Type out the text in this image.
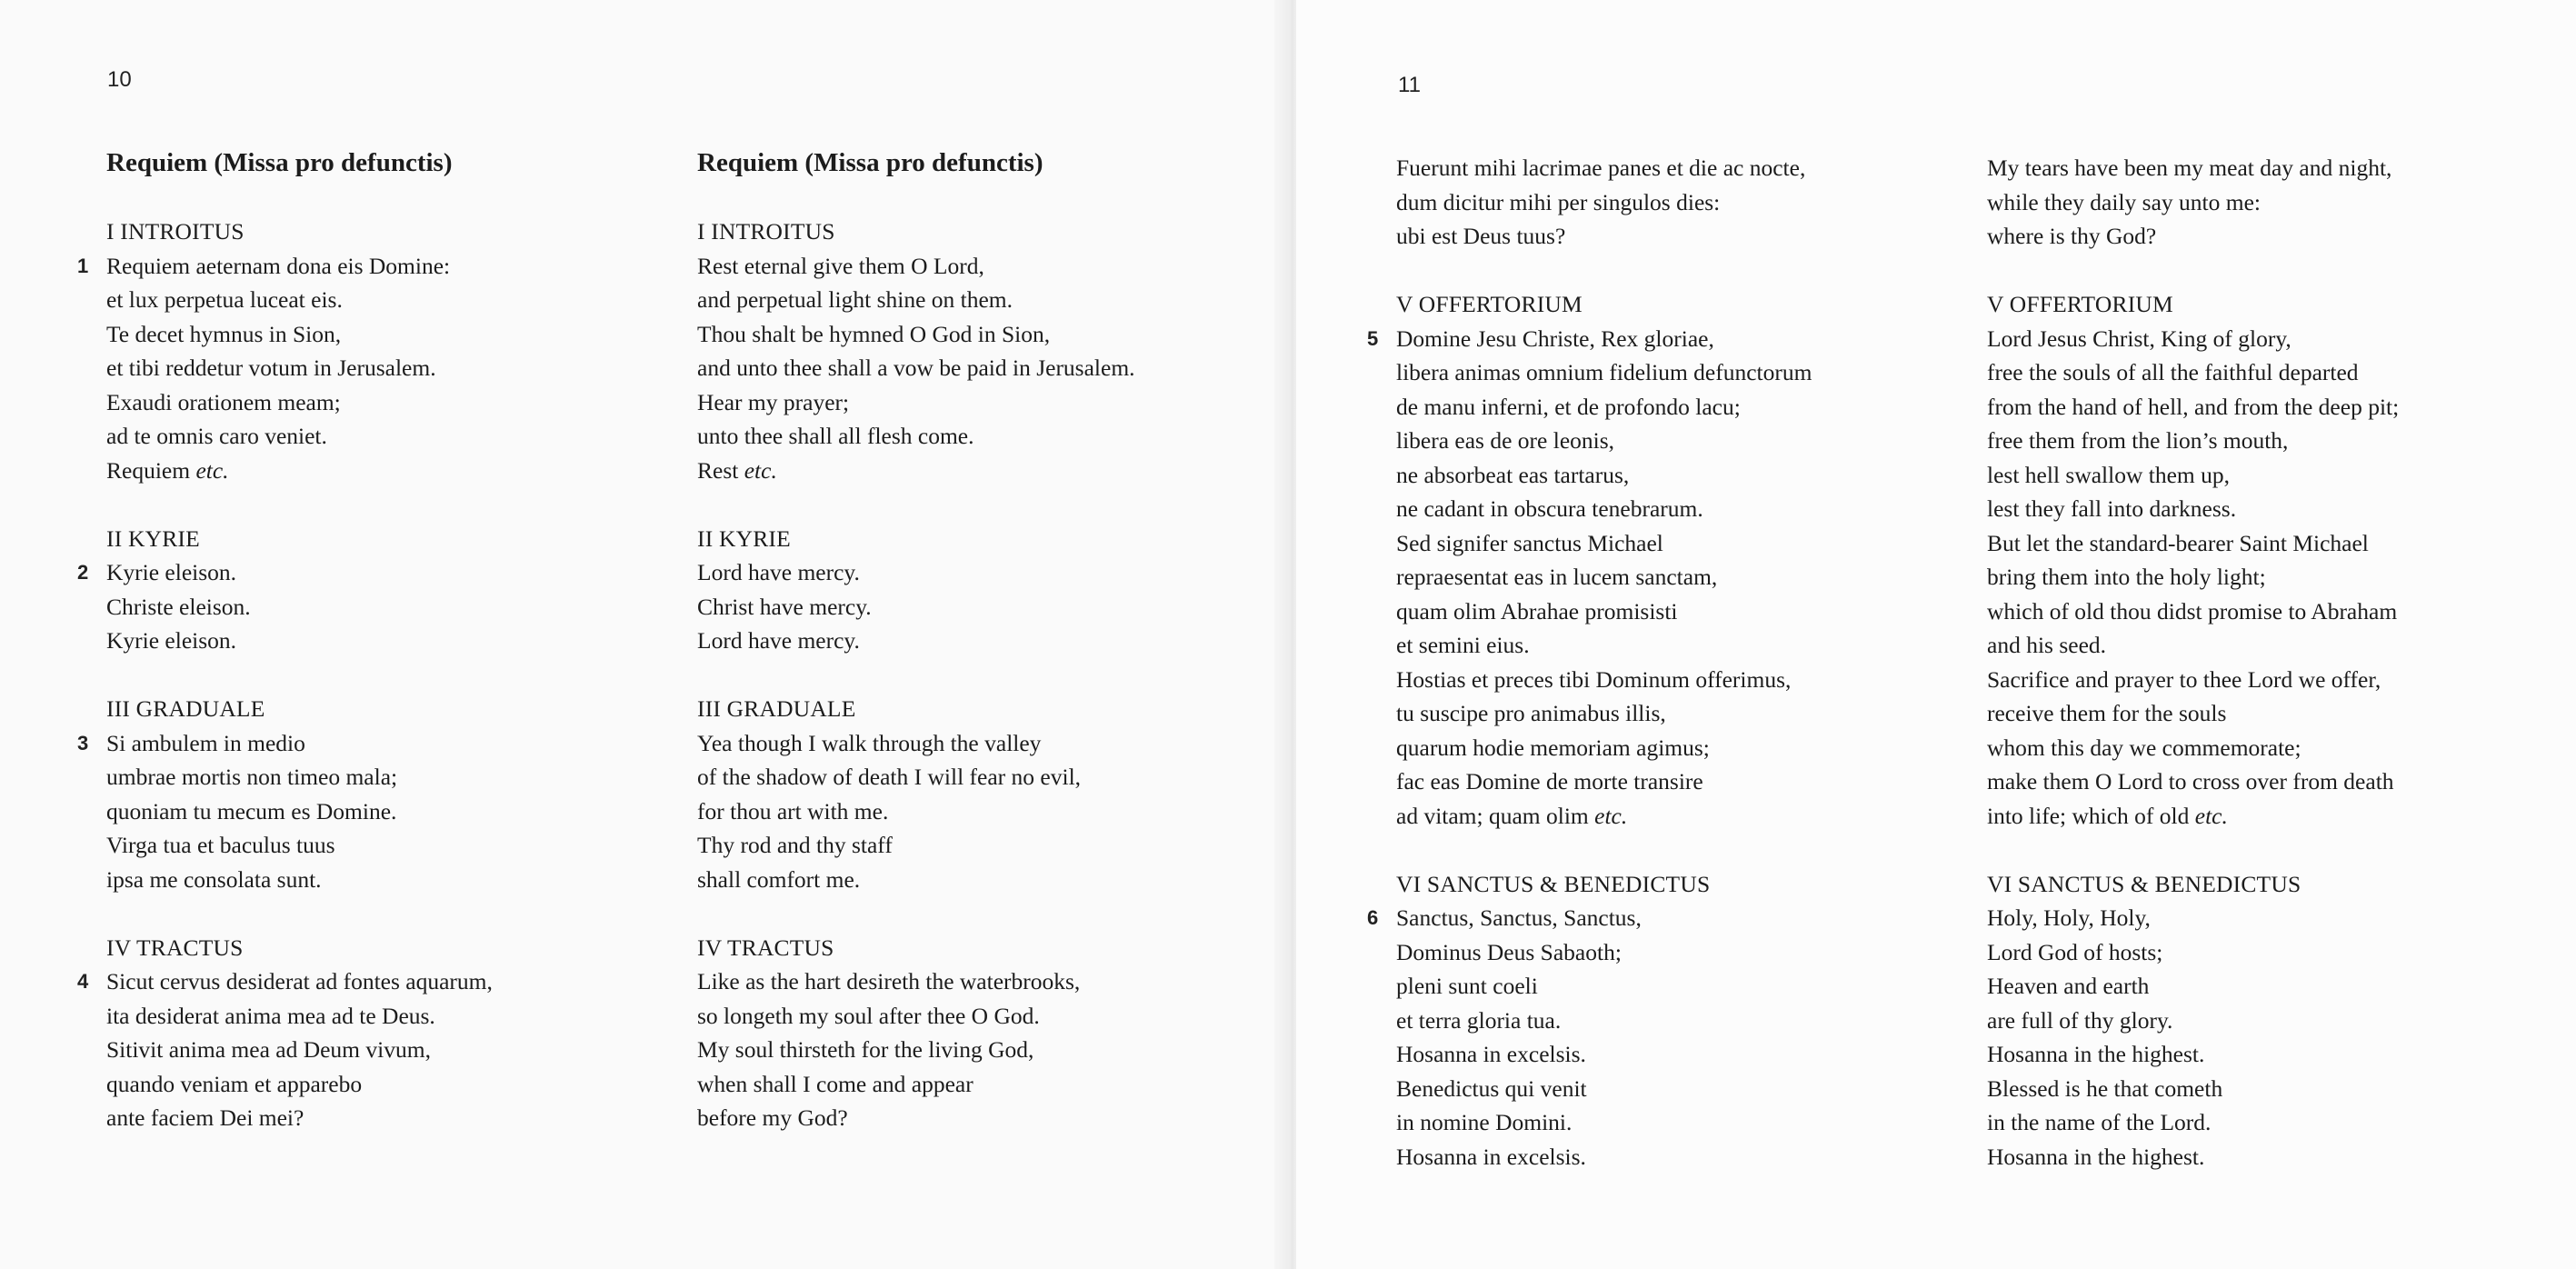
10
Requiem (Missa pro defunctis)
I INTROITUS
Requiem aeternam dona eis Domine:
1
et lux perpetua luceat eis.
Te decet hymnus in Sion,
et tibi reddetur votum in Jerusalem.
Exaudi orationem meam;
ad te omnis caro veniet.
Requiem etc.
II KYRIE
Kyrie eleison.
2
Christe eleison.
Kyrie eleison.
III GRADUALE
Si ambulem in medio
3
umbrae mortis non timeo mala;
quoniam tu mecum es Domine.
Virga tua et baculus tuus
ipsa me consolata sunt.
IV TRACTUS
Sicut cervus desiderat ad fontes aquarum,
4
ita desiderat anima mea ad te Deus.
Sitivit anima mea ad Deum vivum,
quando veniam et apparebo
ante faciem Dei mei?
Requiem (Missa pro defunctis)
I INTROITUS
Rest eternal give them O Lord,
and perpetual light shine on them.
Thou shalt be hymned O God in Sion,
and unto thee shall a vow be paid in Jerusalem.
Hear my prayer;
unto thee shall all flesh come.
Rest etc.
II KYRIE
Lord have mercy.
Christ have mercy.
Lord have mercy.
III GRADUALE
Yea though I walk through the valley
of the shadow of death I will fear no evil,
for thou art with me.
Thy rod and thy staff
shall comfort me.
IV TRACTUS
Like as the hart desireth the waterbrooks,
so longeth my soul after thee O God.
My soul thirsteth for the living God,
when shall I come and appear
before my God?
11
Fuerunt mihi lacrimae panes et die ac nocte,
dum dicitur mihi per singulos dies:
ubi est Deus tuus?
V OFFERTORIUM
Domine Jesu Christe, Rex gloriae,
5
libera animas omnium fidelium defunctorum
de manu inferni, et de profondo lacu;
libera eas de ore leonis,
ne absorbeat eas tartarus,
ne cadant in obscura tenebrarum.
Sed signifer sanctus Michael
repraesentat eas in lucem sanctam,
quam olim Abrahae promisisti
et semini eius.
Hostias et preces tibi Dominum offerimus,
tu suscipe pro animabus illis,
quarum hodie memoriam agimus;
fac eas Domine de morte transire
ad vitam; quam olim etc.
VI SANCTUS & BENEDICTUS
Sanctus, Sanctus, Sanctus,
6
Dominus Deus Sabaoth;
pleni sunt coeli
et terra gloria tua.
Hosanna in excelsis.
Benedictus qui venit
in nomine Domini.
Hosanna in excelsis.
My tears have been my meat day and night,
while they daily say unto me:
where is thy God?
V OFFERTORIUM
Lord Jesus Christ, King of glory,
free the souls of all the faithful departed
from the hand of hell, and from the deep pit;
free them from the lion’s mouth,
lest hell swallow them up,
lest they fall into darkness.
But let the standard-bearer Saint Michael
bring them into the holy light;
which of old thou didst promise to Abraham
and his seed.
Sacrifice and prayer to thee Lord we offer,
receive them for the souls
whom this day we commemorate;
make them O Lord to cross over from death
into life; which of old etc.
VI SANCTUS & BENEDICTUS
Holy, Holy, Holy,
Lord God of hosts;
Heaven and earth
are full of thy glory.
Hosanna in the highest.
Blessed is he that cometh
in the name of the Lord.
Hosanna in the highest.
